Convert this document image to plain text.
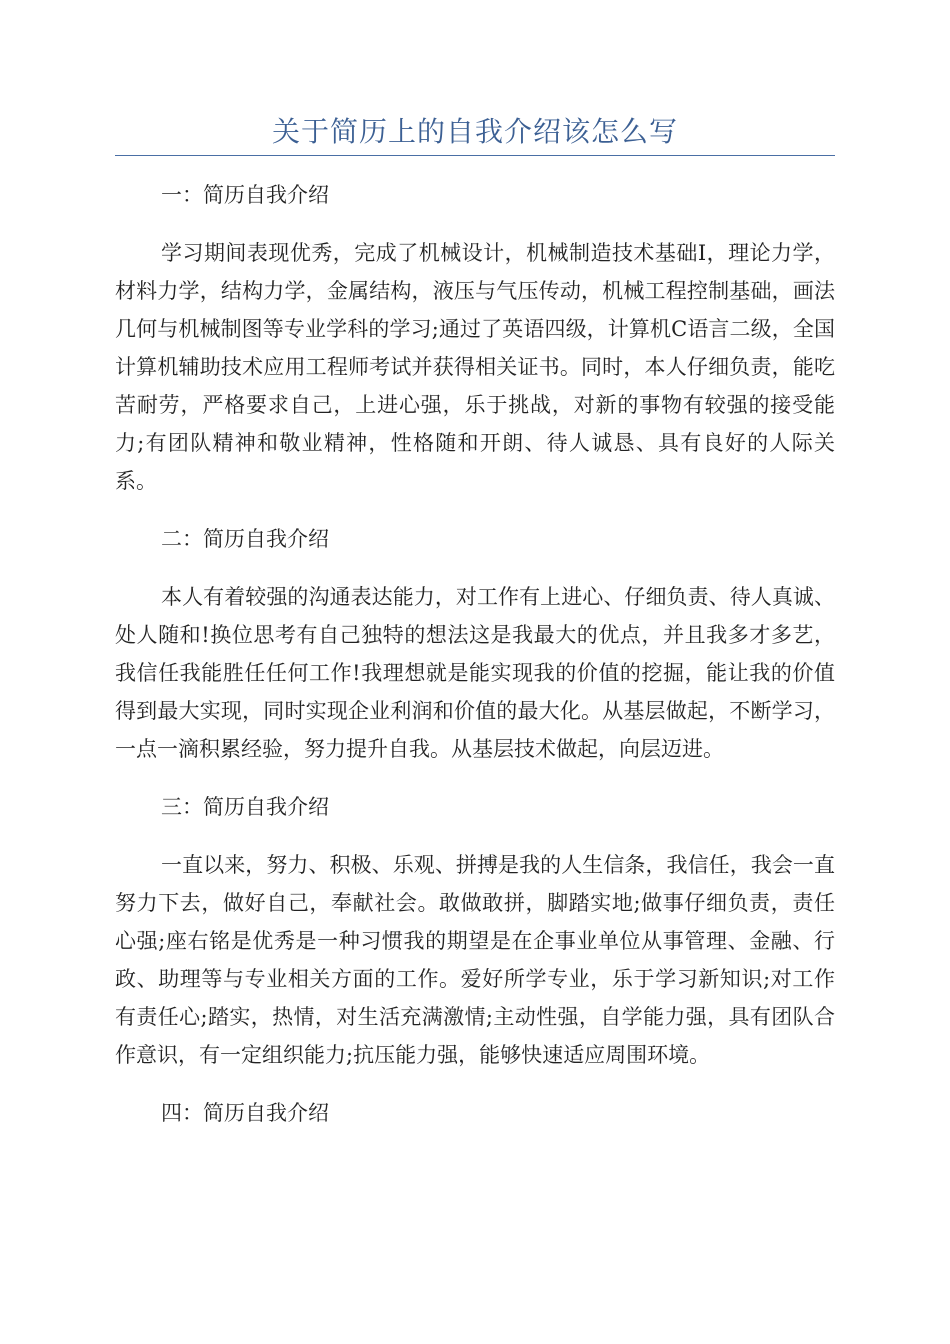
关于简历上的自我介绍该怎么写

一：简历自我介绍

学习期间表现优秀，完成了机械设计，机械制造技术基础Ⅰ，理论力学，材料力学，结构力学，金属结构，液压与气压传动，机械工程控制基础，画法几何与机械制图等专业学科的学习;通过了英语四级，计算机C语言二级，全国计算机辅助技术应用工程师考试并获得相关证书。同时，本人仔细负责，能吃苦耐劳，严格要求自己，上进心强，乐于挑战，对新的事物有较强的接受能力;有团队精神和敬业精神，性格随和开朗、待人诚恳、具有良好的人际关系。

二：简历自我介绍

本人有着较强的沟通表达能力，对工作有上进心、仔细负责、待人真诚、处人随和!换位思考有自己独特的想法这是我最大的优点，并且我多才多艺，我信任我能胜任任何工作!我理想就是能实现我的价值的挖掘，能让我的价值得到最大实现，同时实现企业利润和价值的最大化。从基层做起，不断学习，一点一滴积累经验，努力提升自我。从基层技术做起，向层迈进。

三：简历自我介绍

一直以来，努力、积极、乐观、拼搏是我的人生信条，我信任，我会一直努力下去，做好自己，奉献社会。敢做敢拼，脚踏实地;做事仔细负责，责任心强;座右铭是优秀是一种习惯我的期望是在企事业单位从事管理、金融、行政、助理等与专业相关方面的工作。爱好所学专业，乐于学习新知识;对工作有责任心;踏实，热情，对生活充满激情;主动性强，自学能力强，具有团队合作意识，有一定组织能力;抗压能力强，能够快速适应周围环境。

四：简历自我介绍
